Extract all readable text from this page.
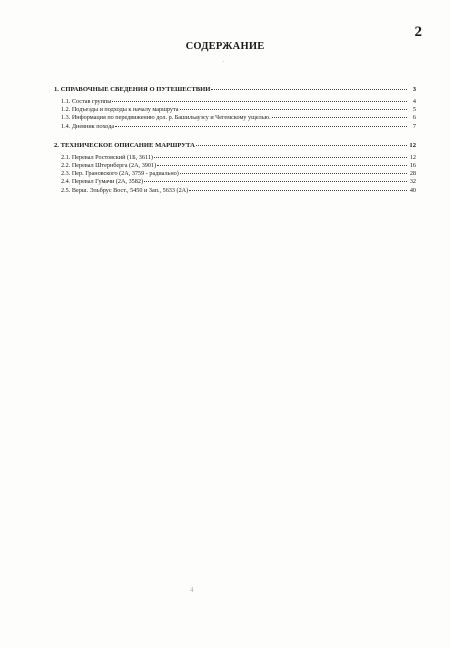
2
СОДЕРЖАНИЕ
1. СПРАВОЧНЫЕ СВЕДЕНИЯ О ПУТЕШЕСТВИИ	3
1.1. Состав группы	4
1.2. Подъезды и подходы к началу маршрута	5
1.3. Информация по передвижению дол. р. Башильаузсу и Чегемскому ущелью.	6
1.4. Дневник похода	7
2. ТЕХНИЧЕСКОЕ ОПИСАНИЕ МАРШРУТА	12
2.1. Перевал Ростовский (1Б, 3611)	12
2.2. Перевал Штернберга (2А, 3901)	16
2.3. Пер. Грановского (2А, 3759 - радиально)	28
2.4. Перевал Гумачи (2А, 3582)	32
2.5. Верш. Эльбрус Вост., 5450 и Зап., 5633 (2А)	40
·
4
